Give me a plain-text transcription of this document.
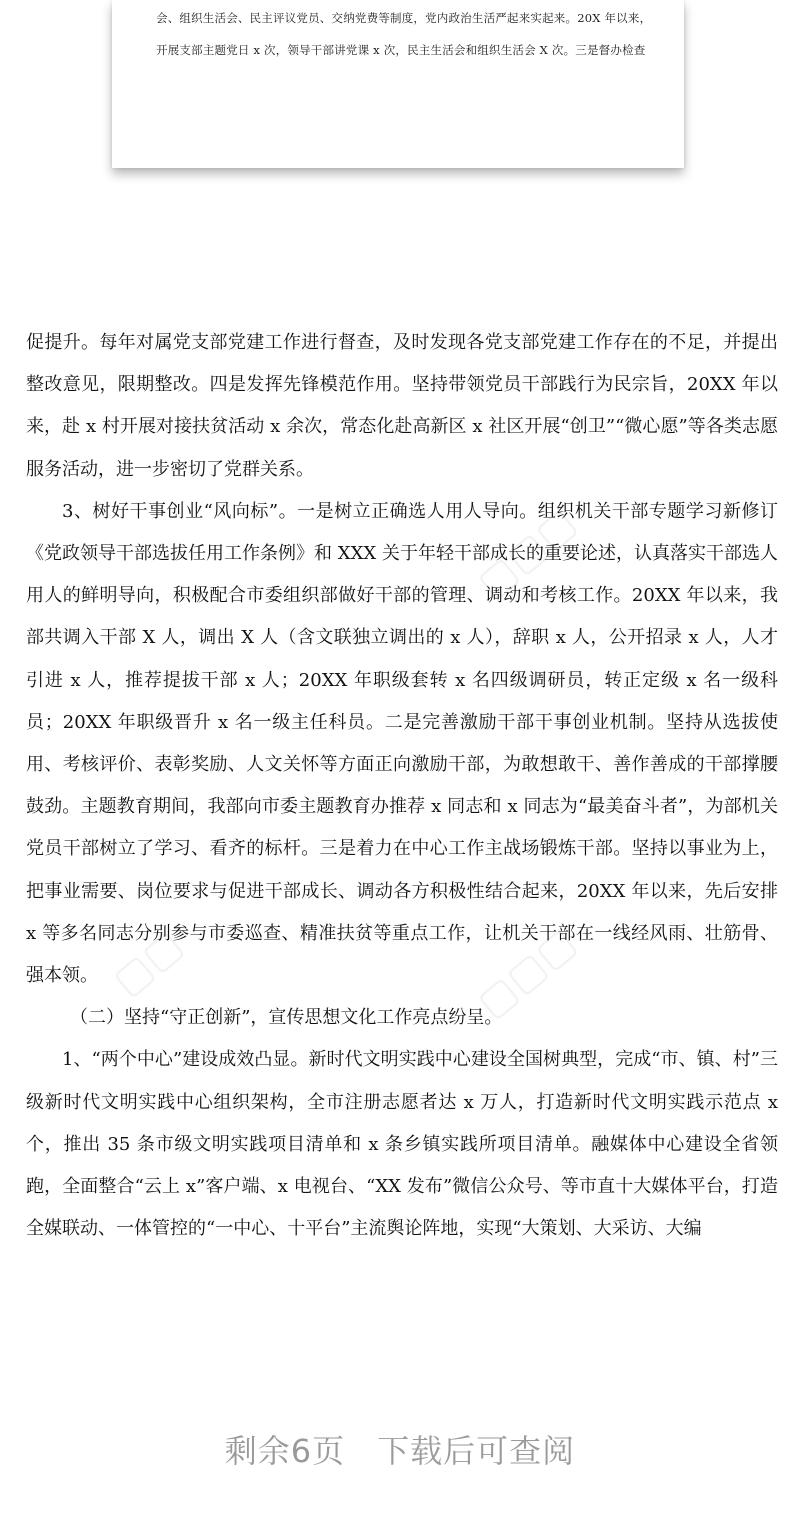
会、组织生活会、民主评议党员、交纳党费等制度，党内政治生活严起来实起来。20X 年以来，
开展支部主题党日 x 次，领导干部讲党课 x 次，民主生活会和组织生活会 X 次。三是督办检查
▢▢▢
▢▢	▢▢▢

促提升。每年对属党支部党建工作进行督查，及时发现各党支部党建工作存在的不足，并提出整改意见，限期整改。四是发挥先锋模范作用。坚持带领党员干部践行为民宗旨，20XX 年以来，赴 x 村开展对接扶贫活动 x 余次，常态化赴高新区 x 社区开展“创卫”“微心愿”等各类志愿服务活动，进一步密切了党群关系。

3、树好干事创业“风向标”。一是树立正确选人用人导向。组织机关干部专题学习新修订《党政领导干部选拔任用工作条例》和 XXX 关于年轻干部成长的重要论述，认真落实干部选人用人的鲜明导向，积极配合市委组织部做好干部的管理、调动和考核工作。20XX 年以来，我部共调入干部 X 人，调出 X 人（含文联独立调出的 x 人），辞职 x 人，公开招录 x 人，人才引进 x 人，推荐提拔干部 x 人；20XX 年职级套转 x 名四级调研员，转正定级 x 名一级科员；20XX 年职级晋升 x 名一级主任科员。二是完善激励干部干事创业机制。坚持从选拔使用、考核评价、表彰奖励、人文关怀等方面正向激励干部，为敢想敢干、善作善成的干部撑腰鼓劲。主题教育期间，我部向市委主题教育办推荐 x 同志和 x 同志为“最美奋斗者”，为部机关党员干部树立了学习、看齐的标杆。三是着力在中心工作主战场锻炼干部。坚持以事业为上，把事业需要、岗位要求与促进干部成长、调动各方积极性结合起来，20XX 年以来，先后安排 x 等多名同志分别参与市委巡查、精准扶贫等重点工作，让机关干部在一线经风雨、壮筋骨、强本领。

（二）坚持“守正创新”，宣传思想文化工作亮点纷呈。

1、“两个中心”建设成效凸显。新时代文明实践中心建设全国树典型，完成“市、镇、村”三级新时代文明实践中心组织架构，全市注册志愿者达 x 万人，打造新时代文明实践示范点 x 个，推出 35 条市级文明实践项目清单和 x 条乡镇实践所项目清单。融媒体中心建设全省领跑，全面整合“云上 x”客户端、x 电视台、“XX 发布”微信公众号、等市直十大媒体平台，打造全媒联动、一体管控的“一中心、十平台”主流舆论阵地，实现“大策划、大采访、大编

剩余6页 下载后可查阅
